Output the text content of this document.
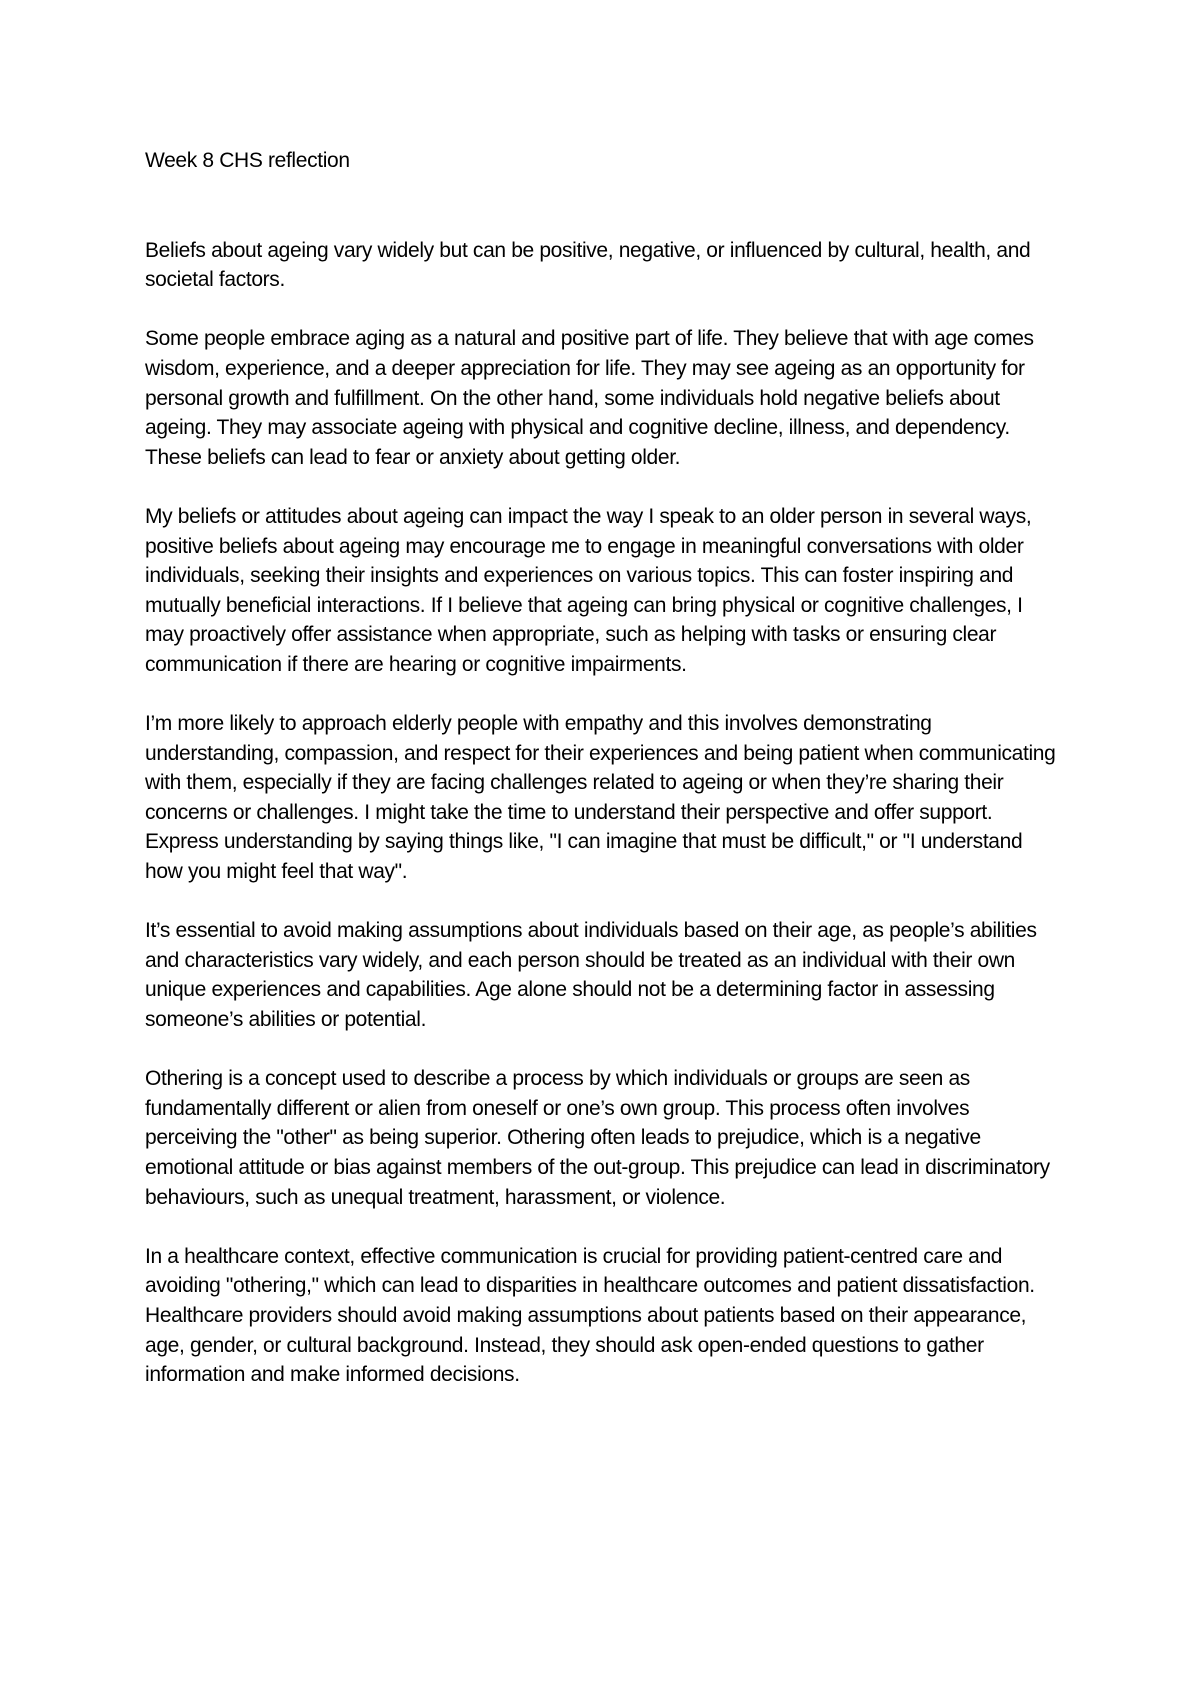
Week 8 CHS reflection

Beliefs about ageing vary widely but can be positive, negative, or influenced by cultural, health, and societal factors.

Some people embrace aging as a natural and positive part of life. They believe that with age comes wisdom, experience, and a deeper appreciation for life. They may see ageing as an opportunity for personal growth and fulfillment. On the other hand, some individuals hold negative beliefs about ageing. They may associate ageing with physical and cognitive decline, illness, and dependency. These beliefs can lead to fear or anxiety about getting older.

My beliefs or attitudes about ageing can impact the way I speak to an older person in several ways, positive beliefs about ageing may encourage me to engage in meaningful conversations with older individuals, seeking their insights and experiences on various topics. This can foster inspiring and mutually beneficial interactions. If I believe that ageing can bring physical or cognitive challenges, I may proactively offer assistance when appropriate, such as helping with tasks or ensuring clear communication if there are hearing or cognitive impairments.

I’m more likely to approach elderly people with empathy and this involves demonstrating understanding, compassion, and respect for their experiences and being patient when communicating with them, especially if they are facing challenges related to ageing or when they’re sharing their concerns or challenges. I might take the time to understand their perspective and offer support. Express understanding by saying things like, "I can imagine that must be difficult," or "I understand how you might feel that way".

It’s essential to avoid making assumptions about individuals based on their age, as people’s abilities and characteristics vary widely, and each person should be treated as an individual with their own unique experiences and capabilities. Age alone should not be a determining factor in assessing someone’s abilities or potential.

Othering is a concept used to describe a process by which individuals or groups are seen as fundamentally different or alien from oneself or one’s own group. This process often involves perceiving the "other" as being superior. Othering often leads to prejudice, which is a negative emotional attitude or bias against members of the out-group. This prejudice can lead in discriminatory behaviours, such as unequal treatment, harassment, or violence.

In a healthcare context, effective communication is crucial for providing patient-centred care and avoiding "othering," which can lead to disparities in healthcare outcomes and patient dissatisfaction. Healthcare providers should avoid making assumptions about patients based on their appearance, age, gender, or cultural background. Instead, they should ask open-ended questions to gather information and make informed decisions.
